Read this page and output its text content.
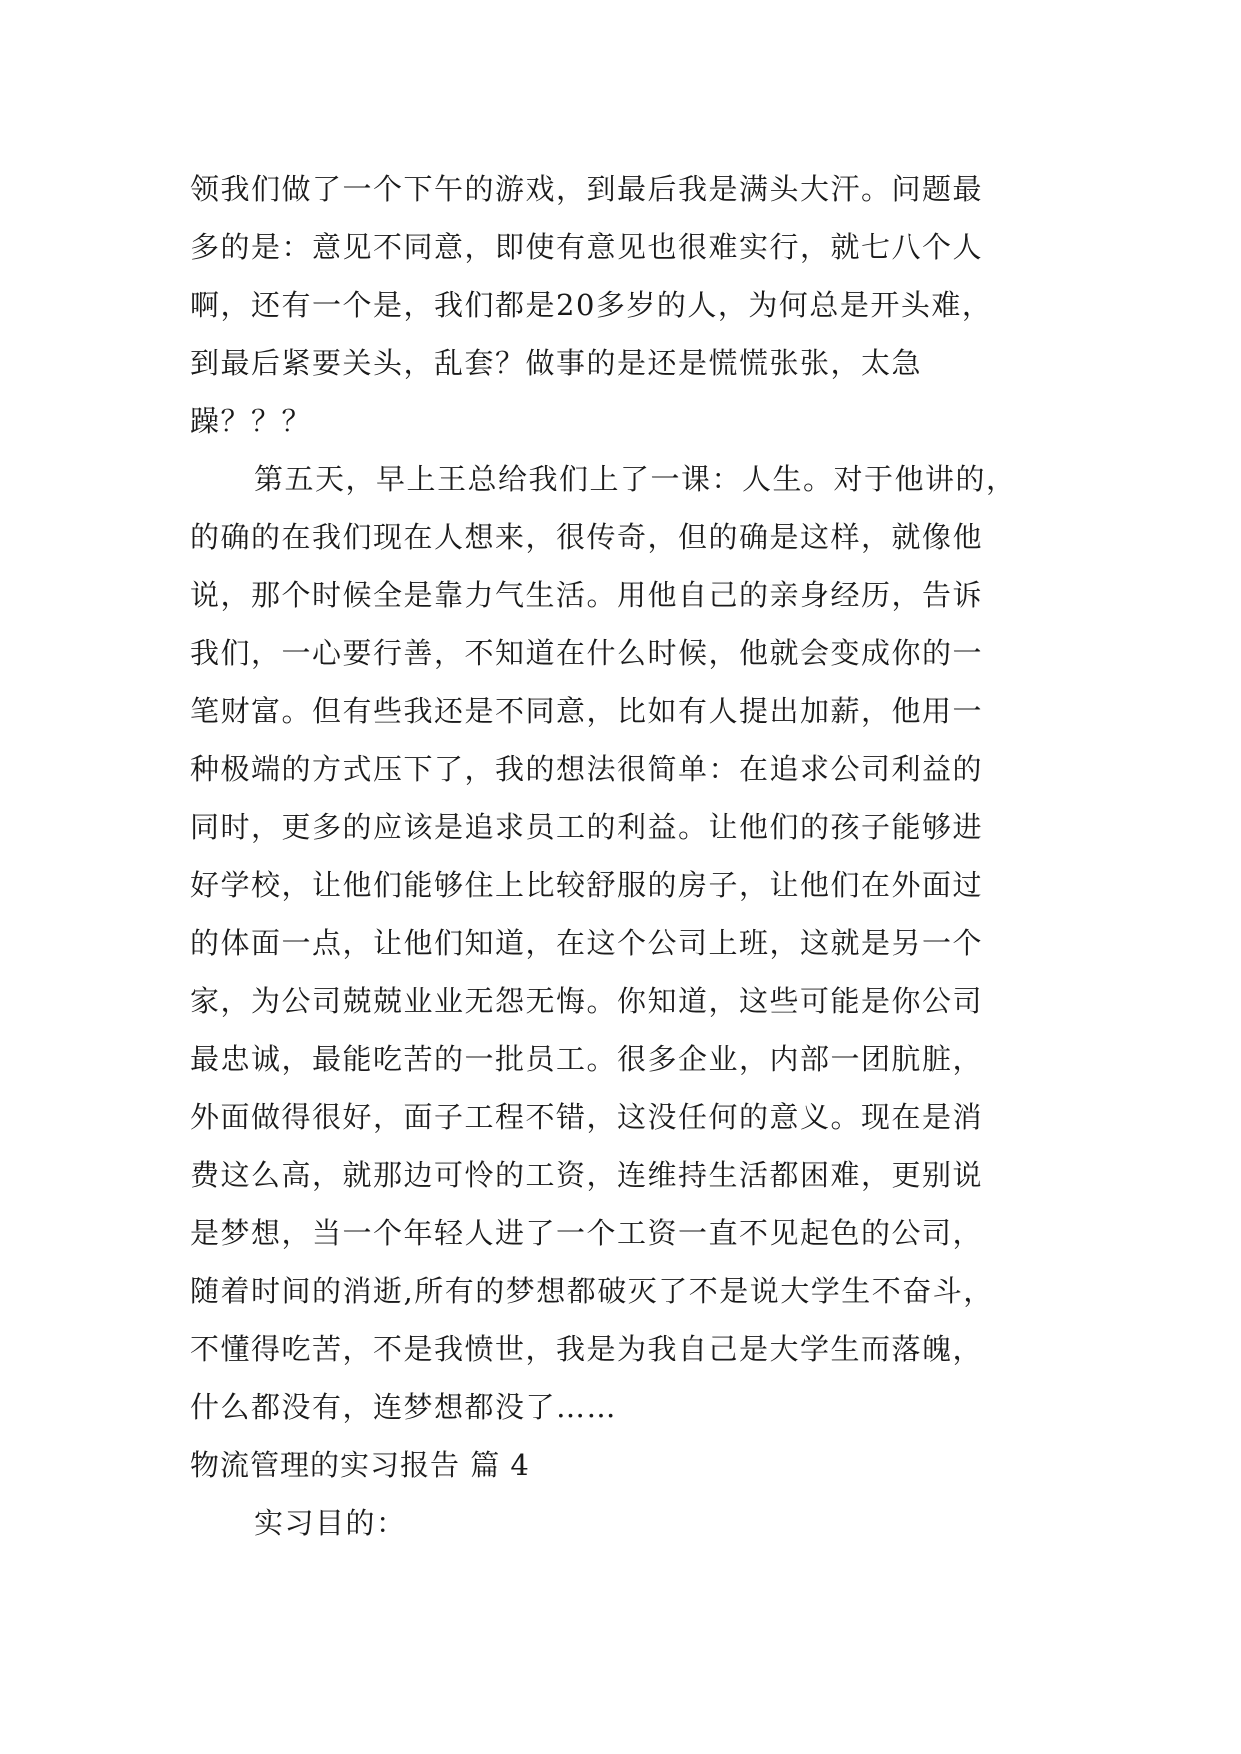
领我们做了一个下午的游戏，到最后我是满头大汗。问题最
多的是：意见不同意，即使有意见也很难实行，就七八个人
啊，还有一个是，我们都是20多岁的人，为何总是开头难，
到最后紧要关头，乱套？做事的是还是慌慌张张，太急
躁？？？
第五天，早上王总给我们上了一课：人生。对于他讲的，
的确的在我们现在人想来，很传奇，但的确是这样，就像他
说，那个时候全是靠力气生活。用他自己的亲身经历，告诉
我们，一心要行善，不知道在什么时候，他就会变成你的一
笔财富。但有些我还是不同意，比如有人提出加薪，他用一
种极端的方式压下了，我的想法很简单：在追求公司利益的
同时，更多的应该是追求员工的利益。让他们的孩子能够进
好学校，让他们能够住上比较舒服的房子，让他们在外面过
的体面一点，让他们知道，在这个公司上班，这就是另一个
家，为公司兢兢业业无怨无悔。你知道，这些可能是你公司
最忠诚，最能吃苦的一批员工。很多企业，内部一团肮脏，
外面做得很好，面子工程不错，这没任何的意义。现在是消
费这么高，就那边可怜的工资，连维持生活都困难，更别说
是梦想，当一个年轻人进了一个工资一直不见起色的公司，
随着时间的消逝,所有的梦想都破灭了不是说大学生不奋斗，
不懂得吃苦，不是我愤世，我是为我自己是大学生而落魄，
什么都没有，连梦想都没了……
物流管理的实习报告 篇 4
实习目的：
